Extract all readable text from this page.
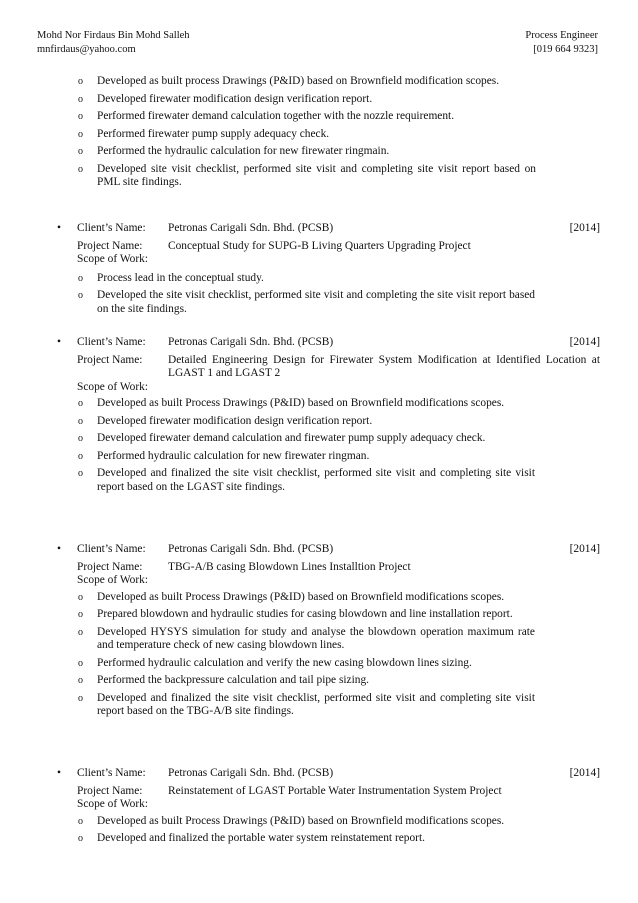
Mohd Nor Firdaus Bin Mohd Salleh	Process Engineer
mnfirdaus@yahoo.com	[019 664 9323]
o Developed as built process Drawings (P&ID) based on Brownfield modification scopes.
o Developed firewater modification design verification report.
o Performed firewater demand calculation together with the nozzle requirement.
o Performed firewater pump supply adequacy check.
o Performed the hydraulic calculation for new firewater ringmain.
o Developed site visit checklist, performed site visit and completing site visit report based on PML site findings.
•	Client’s Name:	Petronas Carigali Sdn. Bhd. (PCSB)	[2014]
Project Name:	Conceptual Study for SUPG-B Living Quarters Upgrading Project
Scope of Work:
o Process lead in the conceptual study.
o Developed the site visit checklist, performed site visit and completing the site visit report based on the site findings.
•	Client’s Name:	Petronas Carigali Sdn. Bhd. (PCSB)	[2014]
Project Name:	Detailed Engineering Design for Firewater System Modification at Identified Location at LGAST 1 and LGAST 2
Scope of Work:
o Developed as built Process Drawings (P&ID) based on Brownfield modifications scopes.
o Developed firewater modification design verification report.
o Developed firewater demand calculation and firewater pump supply adequacy check.
o Performed hydraulic calculation for new firewater ringman.
o Developed and finalized the site visit checklist, performed site visit and completing site visit report based on the LGAST site findings.
•	Client’s Name:	Petronas Carigali Sdn. Bhd. (PCSB)	[2014]
Project Name:	TBG-A/B casing Blowdown Lines Installtion Project
Scope of Work:
o Developed as built Process Drawings (P&ID) based on Brownfield modifications scopes.
o Prepared blowdown and hydraulic studies for casing blowdown and line installation report.
o Developed HYSYS simulation for study and analyse the blowdown operation maximum rate and temperature check of new casing blowdown lines.
o Performed hydraulic calculation and verify the new casing blowdown lines sizing.
o Performed the backpressure calculation and tail pipe sizing.
o Developed and finalized the site visit checklist, performed site visit and completing site visit report based on the TBG-A/B site findings.
•	Client’s Name:	Petronas Carigali Sdn. Bhd. (PCSB)	[2014]
Project Name:	Reinstatement of LGAST Portable Water Instrumentation System Project
Scope of Work:
o Developed as built Process Drawings (P&ID) based on Brownfield modifications scopes.
o Developed and finalized the portable water system reinstatement report.
